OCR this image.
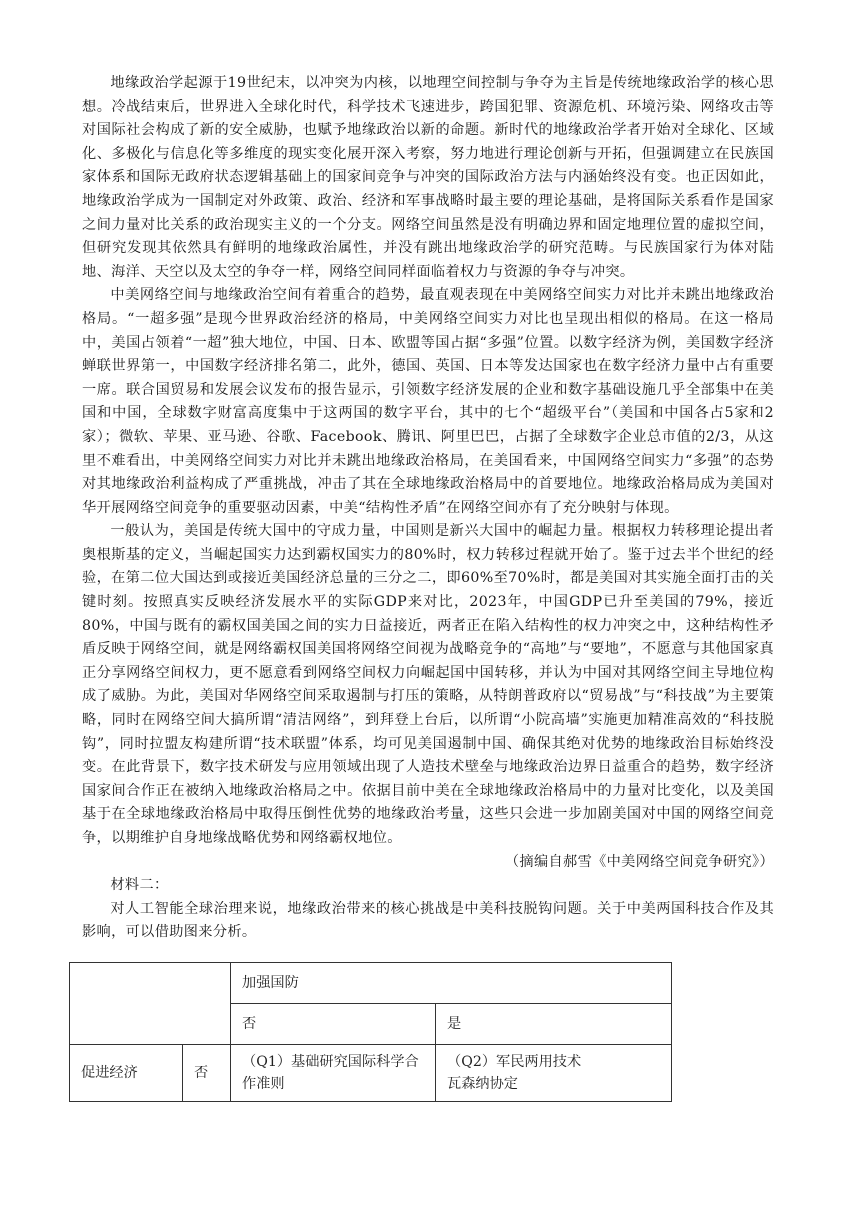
地缘政治学起源于19世纪末，以冲突为内核，以地理空间控制与争夺为主旨是传统地缘政治学的核心思想。冷战结束后，世界进入全球化时代，科学技术飞速进步，跨国犯罪、资源危机、环境污染、网络攻击等对国际社会构成了新的安全威胁，也赋予地缘政治以新的命题。新时代的地缘政治学者开始对全球化、区域化、多极化与信息化等多维度的现实变化展开深入考察，努力地进行理论创新与开拓，但强调建立在民族国家体系和国际无政府状态逻辑基础上的国家间竞争与冲突的国际政治方法与内涵始终没有变。也正因如此，地缘政治学成为一国制定对外政策、政治、经济和军事战略时最主要的理论基础，是将国际关系看作是国家之间力量对比关系的政治现实主义的一个分支。网络空间虽然是没有明确边界和固定地理位置的虚拟空间，但研究发现其依然具有鲜明的地缘政治属性，并没有跳出地缘政治学的研究范畴。与民族国家行为体对陆地、海洋、天空以及太空的争夺一样，网络空间同样面临着权力与资源的争夺与冲突。

中美网络空间与地缘政治空间有着重合的趋势，最直观表现在中美网络空间实力对比并未跳出地缘政治格局。“一超多强”是现今世界政治经济的格局，中美网络空间实力对比也呈现出相似的格局。在这一格局中，美国占领着“一超”独大地位，中国、日本、欧盟等国占据“多强”位置。以数字经济为例，美国数字经济蝉联世界第一，中国数字经济排名第二，此外，德国、英国、日本等发达国家也在数字经济力量中占有重要一席。联合国贸易和发展会议发布的报告显示，引领数字经济发展的企业和数字基础设施几乎全部集中在美国和中国，全球数字财富高度集中于这两国的数字平台，其中的七个“超级平台”（美国和中国各占5家和2家）；微软、苹果、亚马逊、谷歌、Facebook、腾讯、阿里巴巴，占据了全球数字企业总市值的2/3，从这里不难看出，中美网络空间实力对比并未跳出地缘政治格局，在美国看来，中国网络空间实力“多强”的态势对其地缘政治利益构成了严重挑战，冲击了其在全球地缘政治格局中的首要地位。地缘政治格局成为美国对华开展网络空间竞争的重要驱动因素，中美“结构性矛盾”在网络空间亦有了充分映射与体现。

一般认为，美国是传统大国中的守成力量，中国则是新兴大国中的崛起力量。根据权力转移理论提出者奥根斯基的定义，当崛起国实力达到霸权国实力的80%时，权力转移过程就开始了。鉴于过去半个世纪的经验，在第二位大国达到或接近美国经济总量的三分之二，即60%至70%时，都是美国对其实施全面打击的关键时刻。按照真实反映经济发展水平的实际GDP来对比，2023年，中国GDP已升至美国的79%，接近80%，中国与既有的霸权国美国之间的实力日益接近，两者正在陷入结构性的权力冲突之中，这种结构性矛盾反映于网络空间，就是网络霸权国美国将网络空间视为战略竞争的“高地”与“要地”，不愿意与其他国家真正分享网络空间权力，更不愿意看到网络空间权力向崛起国中国转移，并认为中国对其网络空间主导地位构成了威胁。为此，美国对华网络空间采取遏制与打压的策略，从特朗普政府以“贸易战”与“科技战”为主要策略，同时在网络空间大搞所谓“清洁网络”，到拜登上台后，以所谓“小院高墙”实施更加精准高效的“科技脱钩”，同时拉盟友构建所谓“技术联盟”体系，均可见美国遏制中国、确保其绝对优势的地缘政治目标始终没变。在此背景下，数字技术研发与应用领域出现了人造技术壁垒与地缘政治边界日益重合的趋势，数字经济国家间合作正在被纳入地缘政治格局之中。依据目前中美在全球地缘政治格局中的力量对比变化，以及美国基于在全球地缘政治格局中取得压倒性优势的地缘政治考量，这些只会进一步加剧美国对中国的网络空间竞争，以期维护自身地缘战略优势和网络霸权地位。

（摘编自郝雪《中美网络空间竞争研究》）

材料二：

对人工智能全球治理来说，地缘政治带来的核心挑战是中美科技脱钩问题。关于中美两国科技合作及其影响，可以借助图来分析。

		加强国防	
		否	是
促进经济	否	（Q1）基础研究国际科学合作准则	（Q2）军民两用技术
瓦森纳协定
